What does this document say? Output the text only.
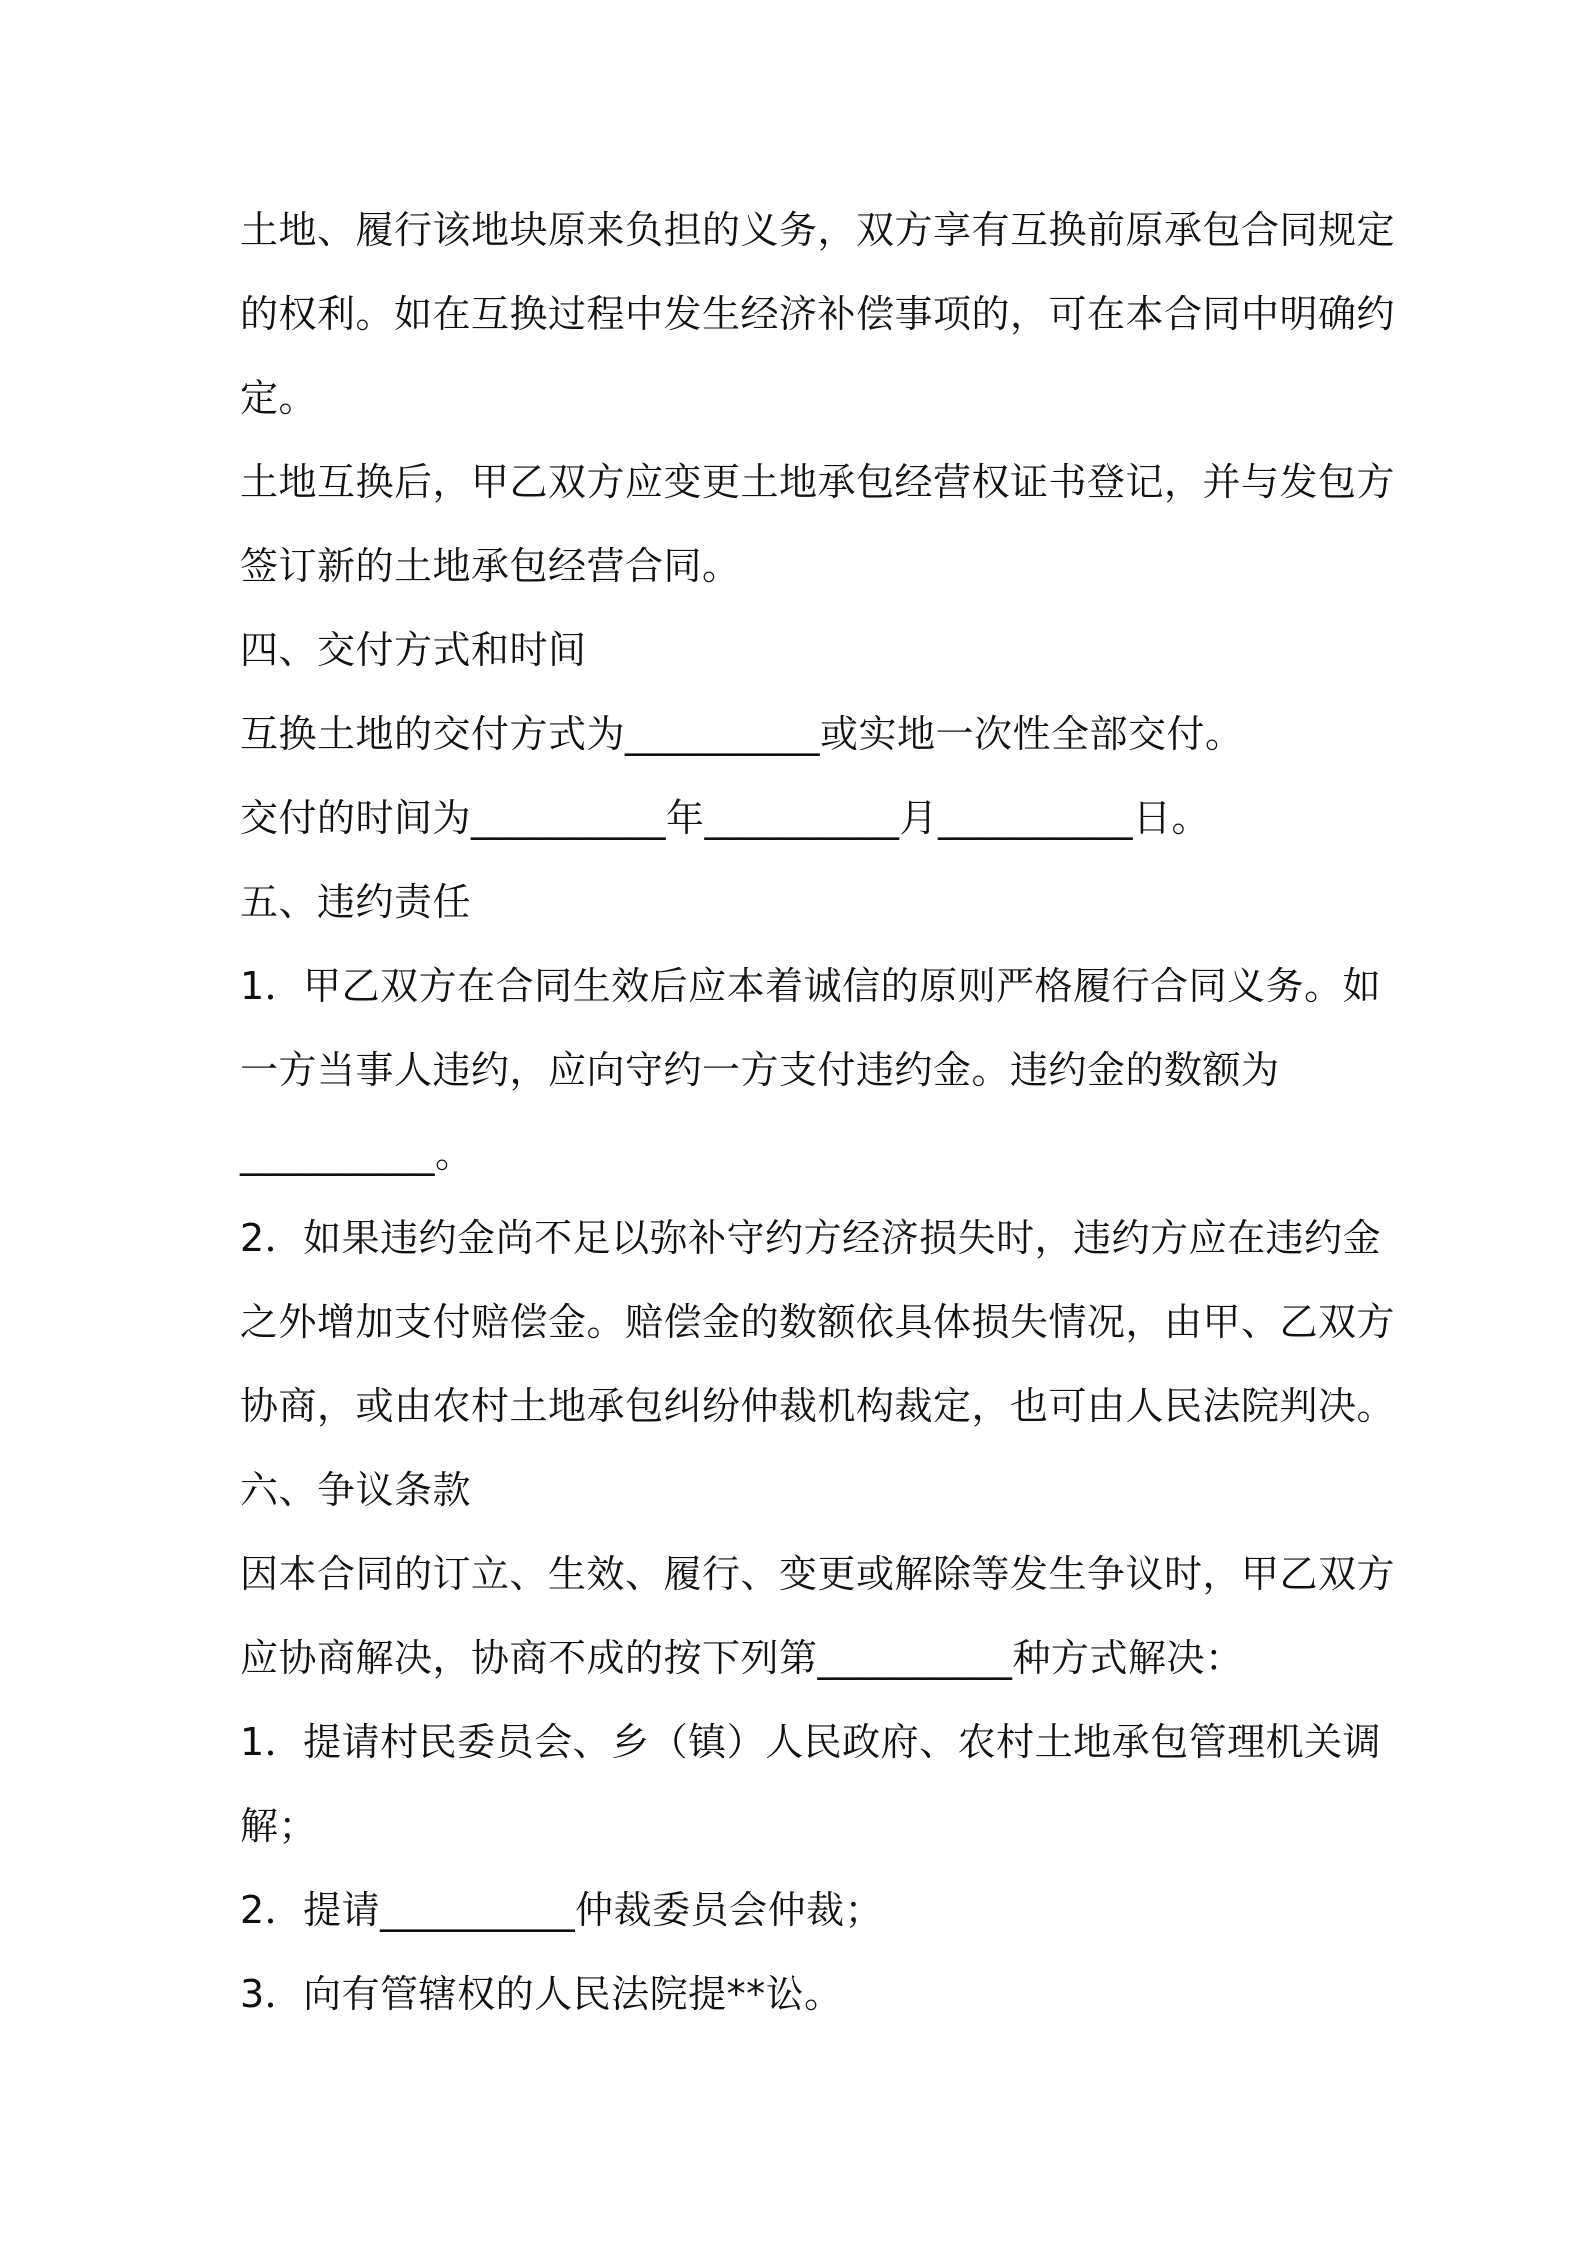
土地、履行该地块原来负担的义务，双方享有互换前原承包合同规定
的权利。如在互换过程中发生经济补偿事项的，可在本合同中明确约
定。
土地互换后，甲乙双方应变更土地承包经营权证书登记，并与发包方
签订新的土地承包经营合同。
四、交付方式和时间
互换土地的交付方式为__________或实地一次性全部交付。
交付的时间为__________年__________月__________日。
五、违约责任
1．甲乙双方在合同生效后应本着诚信的原则严格履行合同义务。如
一方当事人违约，应向守约一方支付违约金。违约金的数额为
__________。
2．如果违约金尚不足以弥补守约方经济损失时，违约方应在违约金
之外增加支付赔偿金。赔偿金的数额依具体损失情况，由甲、乙双方
协商，或由农村土地承包纠纷仲裁机构裁定，也可由人民法院判决。
六、争议条款
因本合同的订立、生效、履行、变更或解除等发生争议时，甲乙双方
应协商解决，协商不成的按下列第__________种方式解决：
1．提请村民委员会、乡（镇）人民政府、农村土地承包管理机关调
解；
2．提请__________仲裁委员会仲裁；
3．向有管辖权的人民法院提**讼。
